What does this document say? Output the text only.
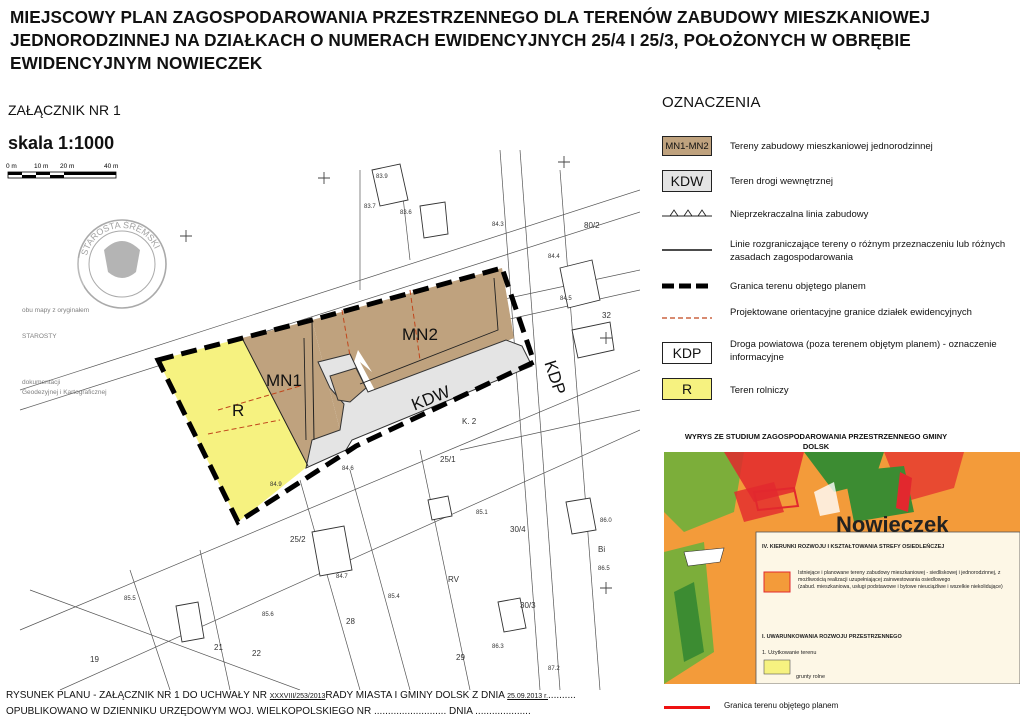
MIEJSCOWY PLAN ZAGOSPODAROWANIA PRZESTRZENNEGO DLA TERENÓW ZABUDOWY MIESZKANIOWEJ
JEDNORODZINNEJ NA DZIAŁKACH O NUMERACH EWIDENCYJNYCH 25/4 I 25/3, POŁOŻONYCH W OBRĘBIE
EWIDENCYJNYM NOWIECZEK
ZAŁĄCZNIK NR 1
skala 1:1000
0 m	10 m 20 m	40 m
MN2
MN1
R	KDW
KDP
25/1
25/2
28
29
30/4
30/3
32
80/2
21
22
19
K. 2
RV
Bi
83.9
83.7
83.6
84.3
84.4
84.5
84.6
84.9
85.1
86.0
86.5
85.5
84.7
85.4
86.3
85.6
87.2
STAROSTA ŚREMSKI
STAROSTY
obu mapy z oryginałem
dokumentacji
Geodezyjnej i Kartograficznej
OZNACZENIA
MN1-MN2	Tereny zabudowy mieszkaniowej jednorodzinnej
KDW	Teren drogi wewnętrznej
Nieprzekraczalna linia zabudowy
Linie rozgraniczające tereny o różnym przeznaczeniu lub różnych zasadach zagospodarowania
Granica terenu objętego planem
Projektowane orientacyjne granice działek ewidencyjnych
KDP
Droga powiatowa (poza terenem objętym planem) - oznaczenie informacyjne
R	Teren rolniczy
WYRYS ZE STUDIUM ZAGOSPODAROWANIA PRZESTRZENNEGO GMINY DOLSK
Nowieczek
IV. KIERUNKI ROZWOJU I KSZTAŁTOWANIA STREFY OSIEDLEŃCZEJ
Istniejące i planowane tereny zabudowy mieszkaniowej - siedliskowej i jednorodzinnej, z możliwością realizacji uzupełniającej zainwestowania osiedlowego
(zabud. mieszkaniowa, usługi podstawowe i bytowe nieuciążliwe i wszelkie niekolidujące)
I. UWARUNKOWANIA ROZWOJU PRZESTRZENNEGO
1. Użytkowanie terenu
grunty rolne
Granica terenu objętego planem
RYSUNEK PLANU - ZAŁĄCZNIK NR 1 DO UCHWAŁY NR XXXVIII/253/2013RADY MIASTA I GMINY DOLSK Z DNIA 25.09.2013 r...........
OPUBLIKOWANO W DZIENNIKU URZĘDOWYM WOJ. WIELKOPOLSKIEGO NR .......................... DNIA ....................
